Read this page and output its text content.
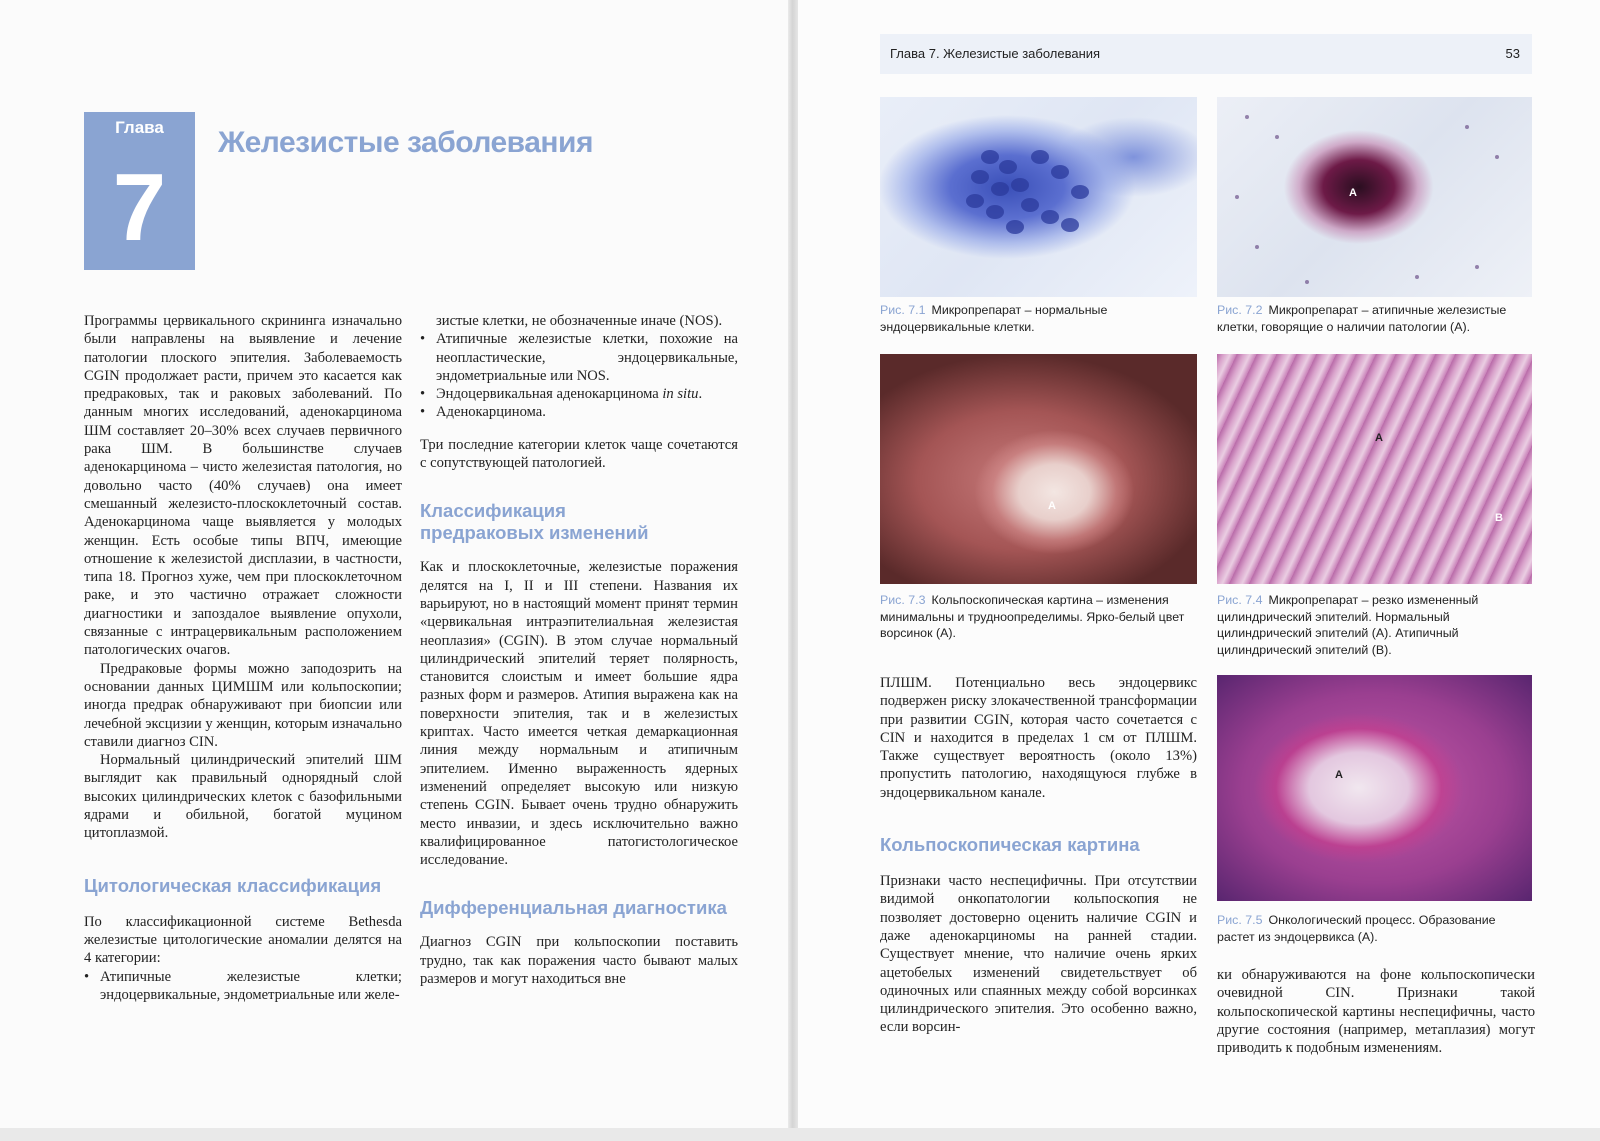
Глава
7
Железистые заболевания

Программы цервикального скрининга изначально были направлены на выявление и лечение патологии плоского эпителия. Заболеваемость CGIN продолжает расти, причем это касается как предраковых, так и раковых заболеваний. По данным многих исследований, аденокарцинома ШМ составляет 20–30% всех случаев первичного рака ШМ. В большинстве случаев аденокарцинома – чисто железистая патология, но довольно часто (40% случаев) она имеет смешанный железисто-плоскоклеточный состав. Аденокарцинома чаще выявляется у молодых женщин. Есть особые типы ВПЧ, имеющие отношение к железистой дисплазии, в частности, типа 18. Прогноз хуже, чем при плоскоклеточном раке, и это частично отражает сложности диагностики и запоздалое выявление опухоли, связанные с интрацервикальным расположением патологических очагов.

Предраковые формы можно заподозрить на основании данных ЦИМШМ или кольпоскопии; иногда предрак обнаруживают при биопсии или лечебной эксцизии у женщин, которым изначально ставили диагноз CIN.

Нормальный цилиндрический эпителий ШМ выглядит как правильный однорядный слой высоких цилиндрических клеток с базофильными ядрами и обильной, богатой муцином цитоплазмой.

Цитологическая классификация

По классификационной системе Bethesda железистые цитологические аномалии делятся на 4 категории:

• Атипичные железистые клетки; эндоцервикальные, эндометриальные или желе-

зистые клетки, не обозначенные иначе (NOS).

• Атипичные железистые клетки, похожие на неопластические, эндоцервикальные, эндометриальные или NOS.
• Эндоцервикальная аденокарцинома in situ.
• Аденокарцинома.

Три последние категории клеток чаще сочетаются с сопутствующей патологией.

Классификация предраковых изменений

Как и плоскоклеточные, железистые поражения делятся на I, II и III степени. Названия их варьируют, но в настоящий момент принят термин «цервикальная интраэпителиальная железистая неоплазия» (CGIN). В этом случае нормальный цилиндрический эпителий теряет полярность, становится слоистым и имеет большие ядра разных форм и размеров. Атипия выражена как на поверхности эпителия, так и в железистых криптах. Часто имеется четкая демаркационная линия между нормальным и атипичным эпителием. Именно выраженность ядерных изменений определяет высокую или низкую степень CGIN. Бывает очень трудно обнаружить место инвазии, и здесь исключительно важно квалифицированное патогистологическое исследование.

Дифференциальная диагностика

Диагноз CGIN при кольпоскопии поставить трудно, так как поражения часто бывают малых размеров и могут находиться вне

Глава 7. Железистые заболевания	53
Рис. 7.1 Микропрепарат – нормальные эндоцервикальные клетки.
A
Рис. 7.2 Микропрепарат – атипичные железистые клетки, говорящие о наличии патологии (А).
A
Рис. 7.3 Кольпоскопическая картина – изменения минимальны и трудноопределимы. Ярко-белый цвет ворсинок (А).
A
B
Рис. 7.4 Микропрепарат – резко измененный цилиндрический эпителий. Нормальный цилиндрический эпителий (А). Атипичный цилиндрический эпителий (В).
A
Рис. 7.5 Онкологический процесс. Образование растет из эндоцервикса (А).

ПЛШМ. Потенциально весь эндоцервикс подвержен риску злокачественной трансформации при развитии CGIN, которая часто сочетается с CIN и находится в пределах 1 см от ПЛШМ. Также существует вероятность (около 13%) пропустить патологию, находящуюся глубже в эндоцервикальном канале.

Кольпоскопическая картина

Признаки часто неспецифичны. При отсутствии видимой онкопатологии кольпоскопия не позволяет достоверно оценить наличие CGIN и даже аденокарциномы на ранней стадии. Существует мнение, что наличие очень ярких ацетобелых изменений свидетельствует об одиночных или спаянных между собой ворсинках цилиндрического эпителия. Это особенно важно, если ворсин-

ки обнаруживаются на фоне кольпоскопически очевидной CIN. Признаки такой кольпоскопической картины неспецифичны, часто другие состояния (например, метаплазия) могут приводить к подобным изменениям.
